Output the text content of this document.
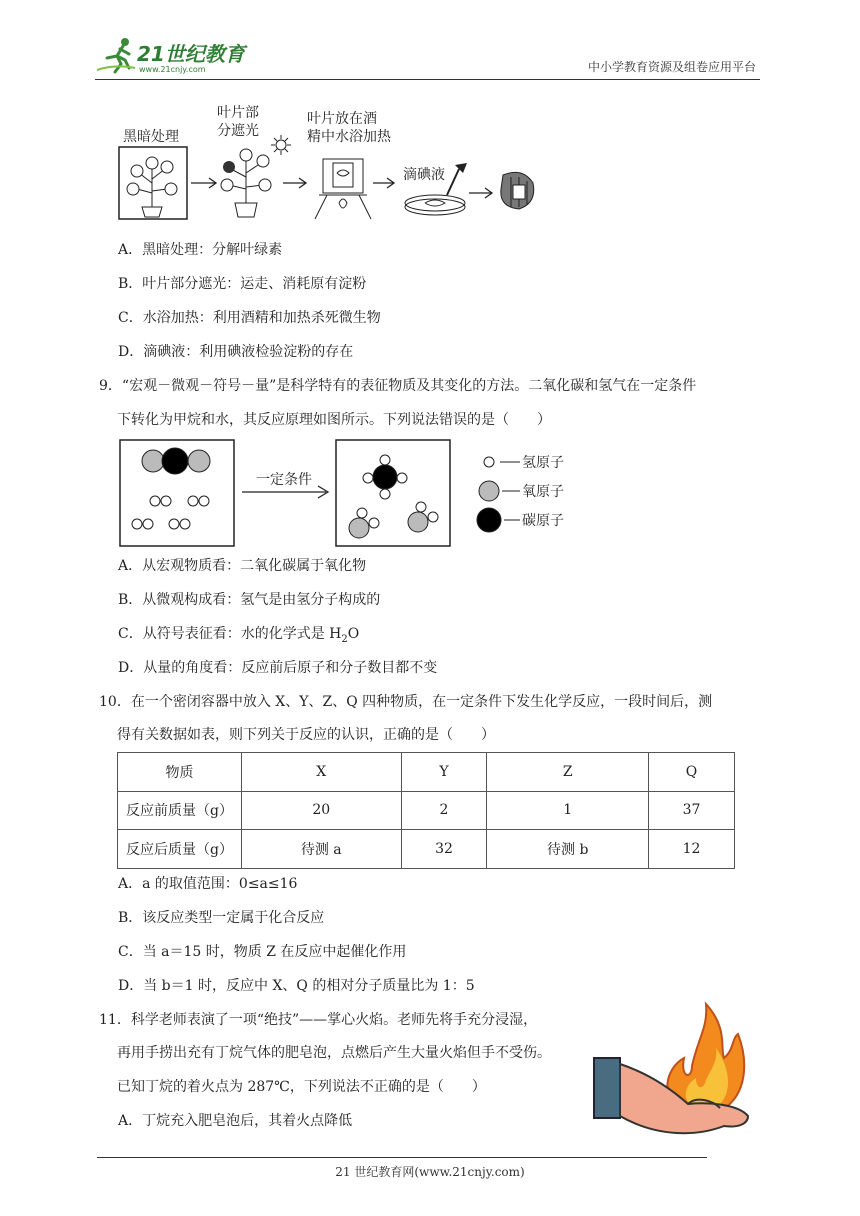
21世纪教育
www.21cnjy.com	中小学教育资源及组卷应用平台
黑暗处理
叶片部
分遮光
叶片放在酒
精中水浴加热
滴碘液
A．黑暗处理：分解叶绿素
B．叶片部分遮光：运走、消耗原有淀粉
C．水浴加热：利用酒精和加热杀死微生物
D．滴碘液：利用碘液检验淀粉的存在
9．“宏观－微观－符号－量”是科学特有的表征物质及其变化的方法。二氧化碳和氢气在一定条件
下转化为甲烷和水，其反应原理如图所示。下列说法错误的是（　　）
一定条件
氢原子
氧原子
碳原子
A．从宏观物质看：二氧化碳属于氧化物
B．从微观构成看：氢气是由氢分子构成的
C．从符号表征看：水的化学式是 $H_2O$
D．从量的角度看：反应前后原子和分子数目都不变
10．在一个密闭容器中放入 X、Y、Z、Q 四种物质，在一定条件下发生化学反应，一段时间后，测
得有关数据如表，则下列关于反应的认识，正确的是（　　）
物质	X	Y	Z	Q
反应前质量（g）	20	2	1	37
反应后质量（g）	待测 a	32	待测 b	12
A．a 的取值范围：0≤a≤16
B．该反应类型一定属于化合反应
C．当 a＝15 时，物质 Z 在反应中起催化作用
D．当 b＝1 时，反应中 X、Q 的相对分子质量比为 1：5
11．科学老师表演了一项“绝技”——掌心火焰。老师先将手充分浸湿，
再用手捞出充有丁烷气体的肥皂泡，点燃后产生大量火焰但手不受伤。
已知丁烷的着火点为 287℃，下列说法不正确的是（　　）
A．丁烷充入肥皂泡后，其着火点降低
21 世纪教育网(www.21cnjy.com)
